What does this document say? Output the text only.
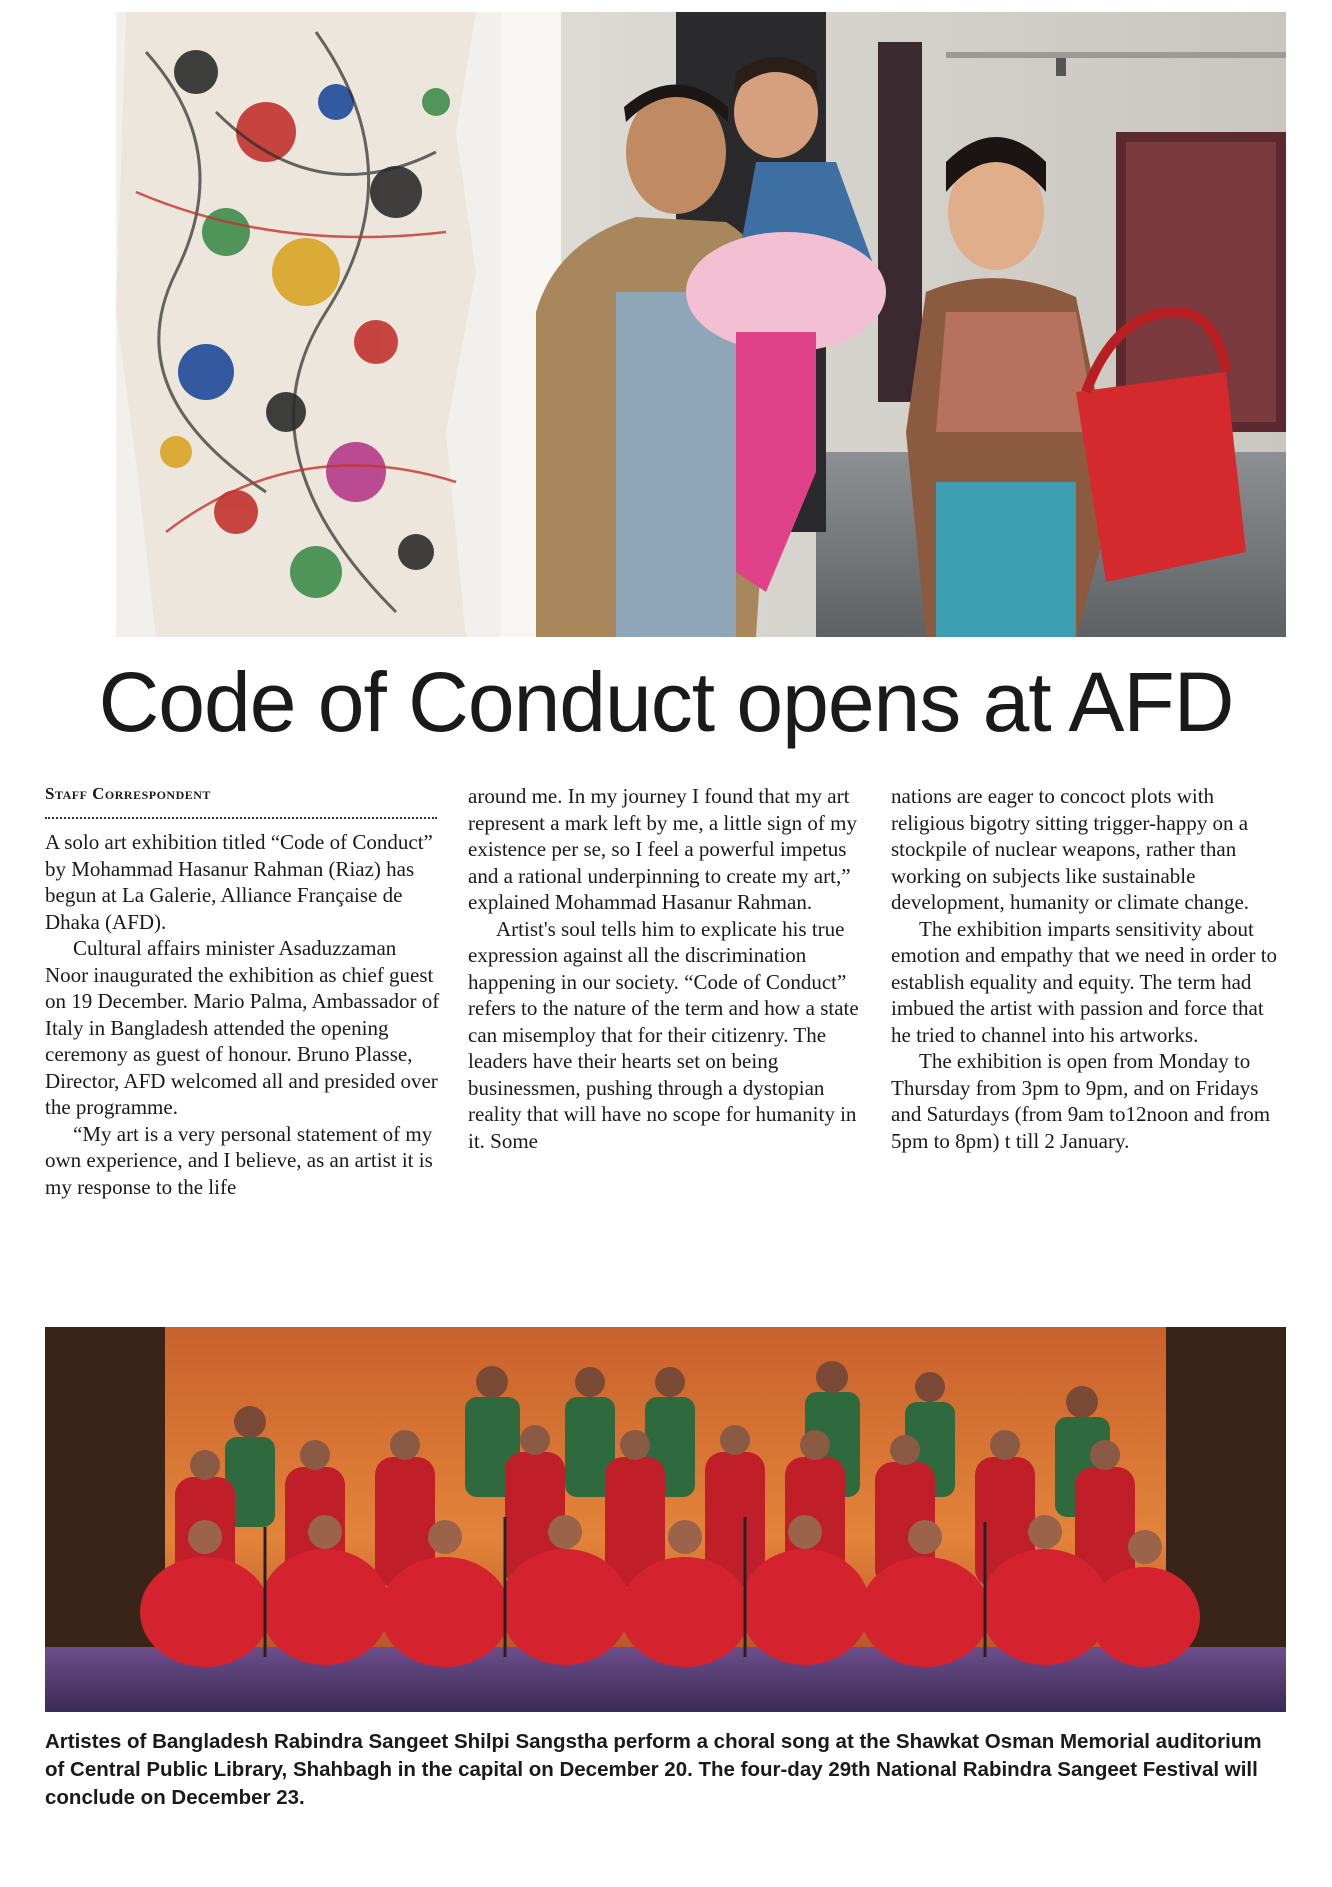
Code of Conduct opens at AFD
Staff Correspondent

A solo art exhibition titled “Code of Conduct” by Mohammad Hasanur Rahman (Riaz) has begun at La Galerie, Alliance Française de Dhaka (AFD).

Cultural affairs minister Asaduzzaman Noor inaugurated the exhibition as chief guest on 19 December. Mario Palma, Ambassador of Italy in Bangladesh attended the opening ceremony as guest of honour. Bruno Plasse, Director, AFD welcomed all and presided over the programme.

“My art is a very personal statement of my own experience, and I believe, as an artist it is my response to the life

around me. In my journey I found that my art represent a mark left by me, a little sign of my existence per se, so I feel a powerful impetus and a rational underpinning to create my art,” explained Mohammad Hasanur Rahman.

Artist's soul tells him to explicate his true expression against all the discrimination happening in our society. “Code of Conduct” refers to the nature of the term and how a state can misemploy that for their citizenry. The leaders have their hearts set on being businessmen, pushing through a dystopian reality that will have no scope for humanity in it. Some

nations are eager to concoct plots with religious bigotry sitting trigger-happy on a stockpile of nuclear weapons, rather than working on subjects like sustainable development, humanity or climate change.

The exhibition imparts sensitivity about emotion and empathy that we need in order to establish equality and equity. The term had imbued the artist with passion and force that he tried to channel into his artworks.

The exhibition is open from Monday to Thursday from 3pm to 9pm, and on Fridays and Saturdays (from 9am to12noon and from 5pm to 8pm) t till 2 January.

Artistes of Bangladesh Rabindra Sangeet Shilpi Sangstha perform a choral song at the Shawkat Osman Memorial auditorium of Central Public Library, Shahbagh in the capital on December 20. The four-day 29th National Rabindra Sangeet Festival will conclude on December 23.
